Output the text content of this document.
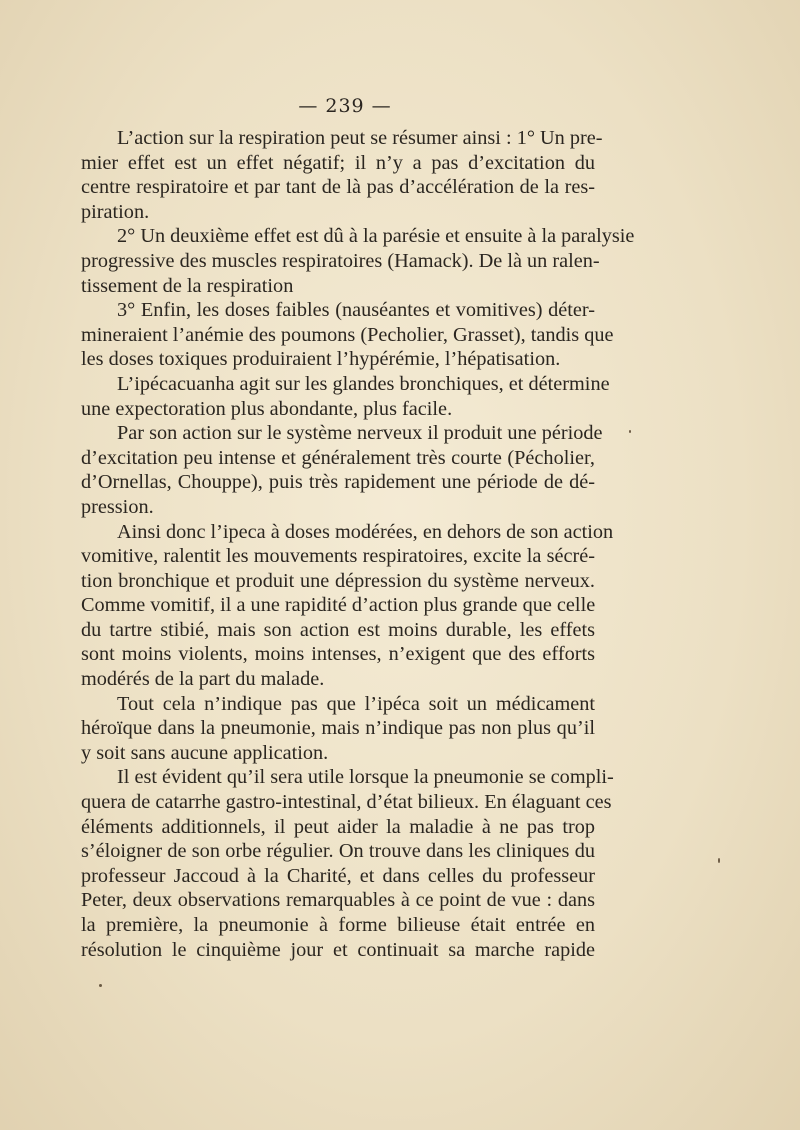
— 239 —
L’action sur la respiration peut se résumer ainsi : 1° Un pre-
mier effet est un effet négatif; il n’y a pas d’excitation du
centre respiratoire et par tant de là pas d’accélération de la res-
piration.
2° Un deuxième effet est dû à la parésie et ensuite à la paralysie
progressive des muscles respiratoires (Hamack). De là un ralen-
tissement de la respiration
3° Enfin, les doses faibles (nauséantes et vomitives) déter-
mineraient l’anémie des poumons (Pecholier, Grasset), tandis que
les doses toxiques produiraient l’hypérémie, l’hépatisation.
L’ipécacuanha agit sur les glandes bronchiques, et détermine
une expectoration plus abondante, plus facile.
Par son action sur le système nerveux il produit une période
d’excitation peu intense et généralement très courte (Pécholier,
d’Ornellas, Chouppe), puis très rapidement une période de dé-
pression.
Ainsi donc l’ipeca à doses modérées, en dehors de son action
vomitive, ralentit les mouvements respiratoires, excite la sécré-
tion bronchique et produit une dépression du système nerveux.
Comme vomitif, il a une rapidité d’action plus grande que celle
du tartre stibié, mais son action est moins durable, les effets
sont moins violents, moins intenses, n’exigent que des efforts
modérés de la part du malade.
Tout cela n’indique pas que l’ipéca soit un médicament
héroïque dans la pneumonie, mais n’indique pas non plus qu’il
y soit sans aucune application.
Il est évident qu’il sera utile lorsque la pneumonie se compli-
quera de catarrhe gastro-intestinal, d’état bilieux. En élaguant ces
éléments additionnels, il peut aider la maladie à ne pas trop
s’éloigner de son orbe régulier. On trouve dans les cliniques du
professeur Jaccoud à la Charité, et dans celles du professeur
Peter, deux observations remarquables à ce point de vue : dans
la première, la pneumonie à forme bilieuse était entrée en
résolution le cinquième jour et continuait sa marche rapide
